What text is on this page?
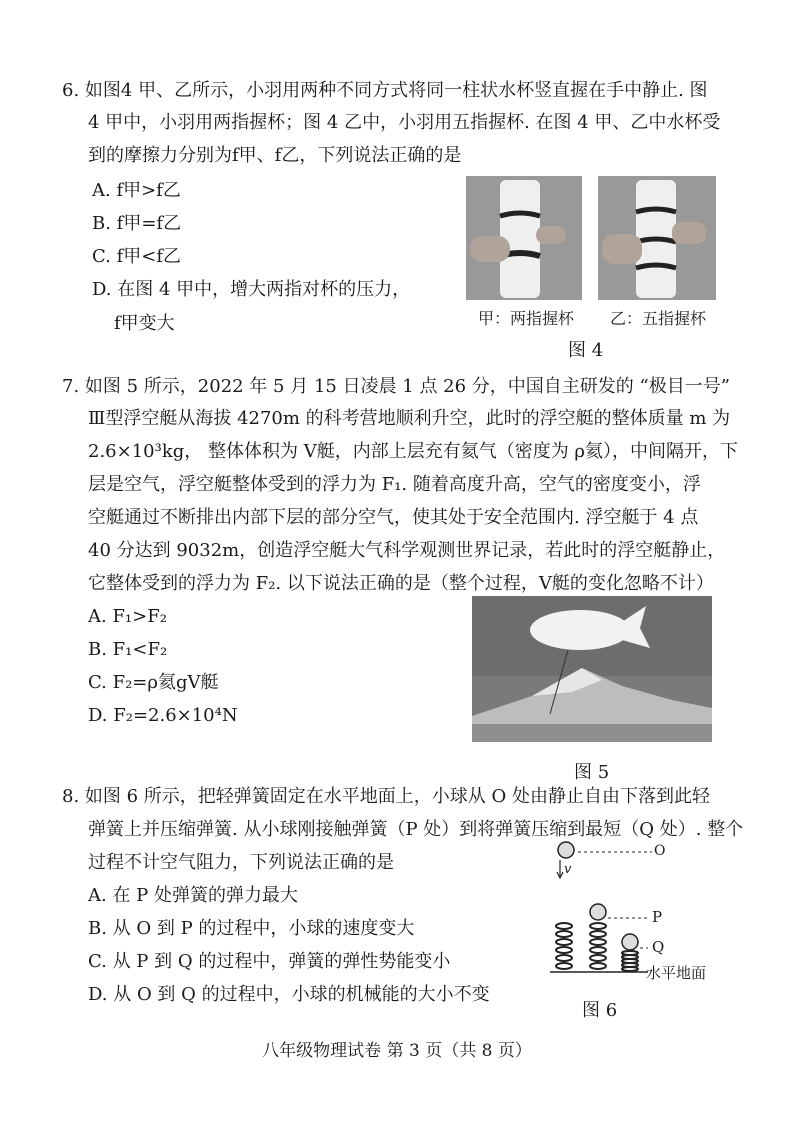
6. 如图4 甲、乙所示，小羽用两种不同方式将同一柱状水杯竖直握在手中静止. 图
4 甲中，小羽用两指握杯；图 4 乙中，小羽用五指握杯. 在图 4 甲、乙中水杯受
到的摩擦力分别为f甲、f乙，下列说法正确的是
A. f甲>f乙
B. f甲=f乙
C. f甲<f乙
D. 在图 4 甲中，增大两指对杯的压力，
f甲变大	甲：两指握杯 乙：五指握杯
图 4
7. 如图 5 所示，2022 年 5 月 15 日凌晨 1 点 26 分，中国自主研发的 “极目一号”
Ⅲ型浮空艇从海拔 4270m 的科考营地顺利升空，此时的浮空艇的整体质量 m 为
2.6×10³kg， 整体体积为 V艇，内部上层充有氦气（密度为 ρ氦），中间隔开，下
层是空气，浮空艇整体受到的浮力为 F₁. 随着高度升高，空气的密度变小，浮
空艇通过不断排出内部下层的部分空气，使其处于安全范围内. 浮空艇于 4 点
40 分达到 9032m，创造浮空艇大气科学观测世界记录，若此时的浮空艇静止，
它整体受到的浮力为 F₂. 以下说法正确的是（整个过程，V艇的变化忽略不计）
A. F₁>F₂
B. F₁<F₂
C. F₂=ρ氦gV艇
D. F₂=2.6×10⁴N
图 5
8. 如图 6 所示，把轻弹簧固定在水平地面上，小球从 O 处由静止自由下落到此轻
弹簧上并压缩弹簧. 从小球刚接触弹簧（P 处）到将弹簧压缩到最短（Q 处）. 整个
过程不计空气阻力，下列说法正确的是
A. 在 P 处弹簧的弹力最大
B. 从 O 到 P 的过程中，小球的速度变大
C. 从 P 到 Q 的过程中，弹簧的弹性势能变小
D. 从 O 到 Q 的过程中，小球的机械能的大小不变
O
v
P
Q
水平地面
图 6
八年级物理试卷 第 3 页（共 8 页）
